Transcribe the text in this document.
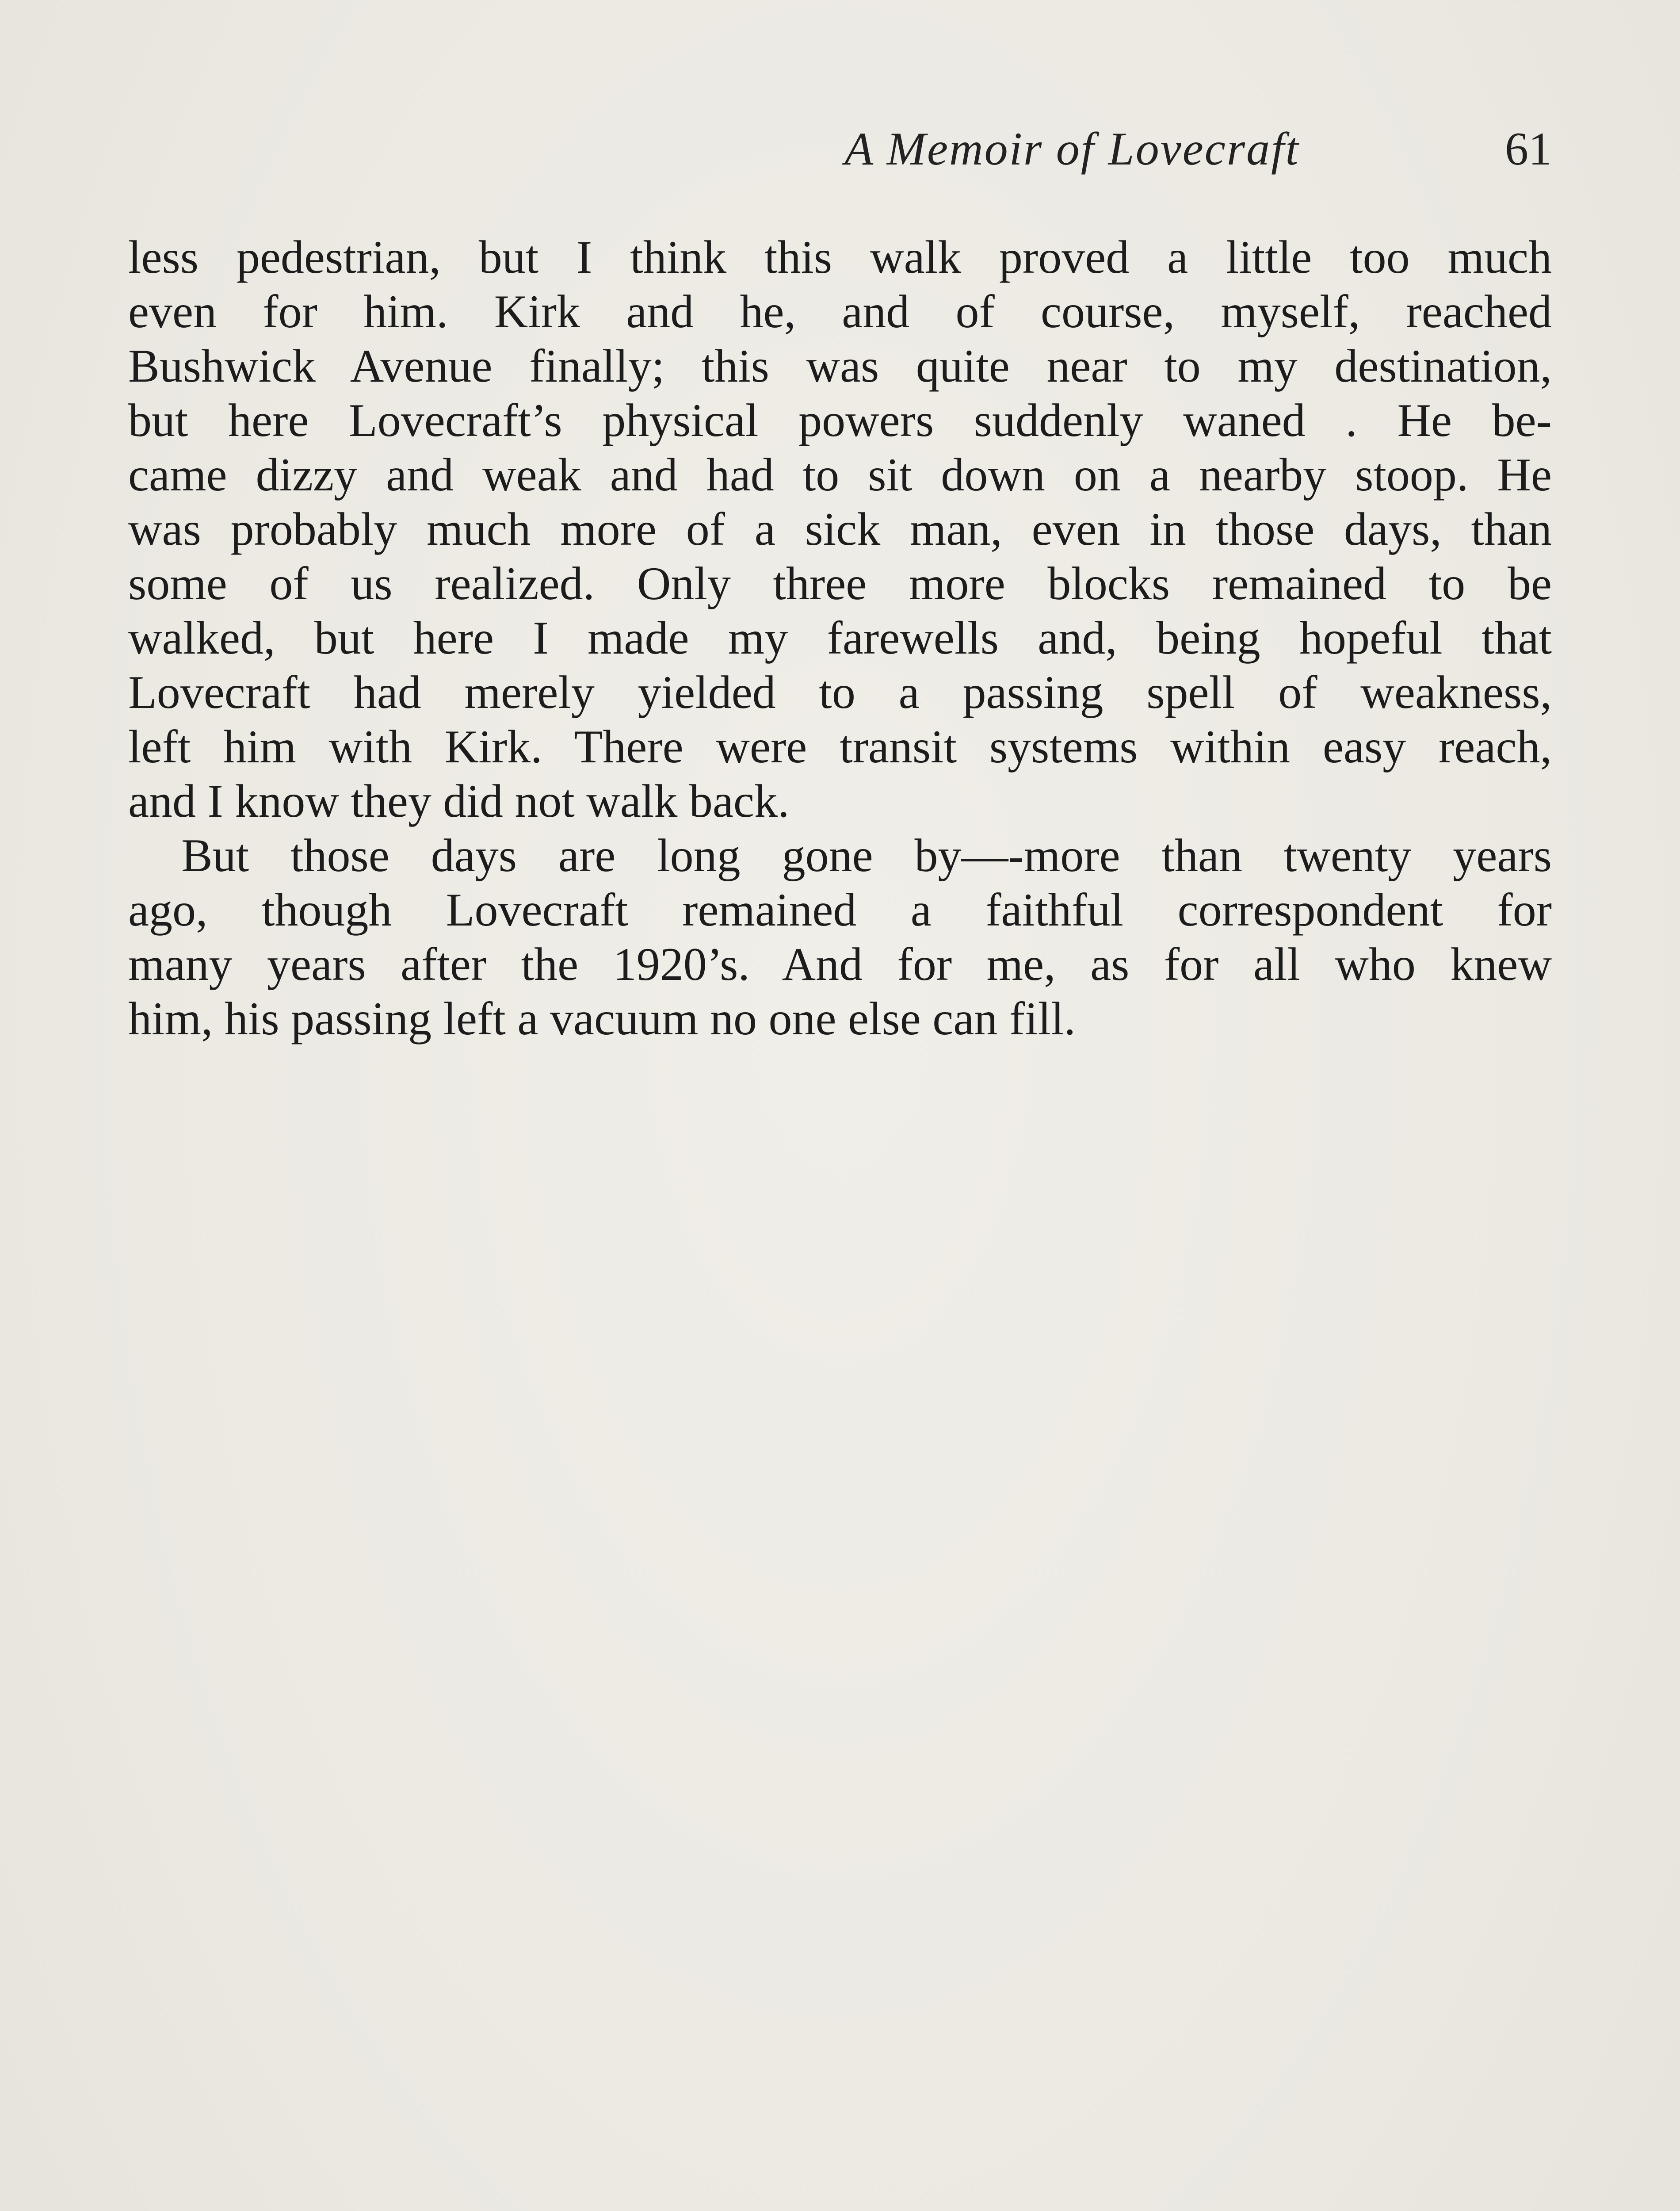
A Memoir of Lovecraft	61
less pedestrian, but I think this walk proved a little too much
even for him. Kirk and he, and of course, myself, reached
Bushwick Avenue finally; this was quite near to my destination,
but here Lovecraft’s physical powers suddenly waned . He be-
came dizzy and weak and had to sit down on a nearby stoop. He
was probably much more of a sick man, even in those days, than
some of us realized. Only three more blocks remained to be
walked, but here I made my farewells and, being hopeful that
Lovecraft had merely yielded to a passing spell of weakness,
left him with Kirk. There were transit systems within easy reach,
and I know they did not walk back.
But those days are long gone by—-more than twenty years
ago, though Lovecraft remained a faithful correspondent for
many years after the 1920’s. And for me, as for all who knew
him, his passing left a vacuum no one else can fill.
